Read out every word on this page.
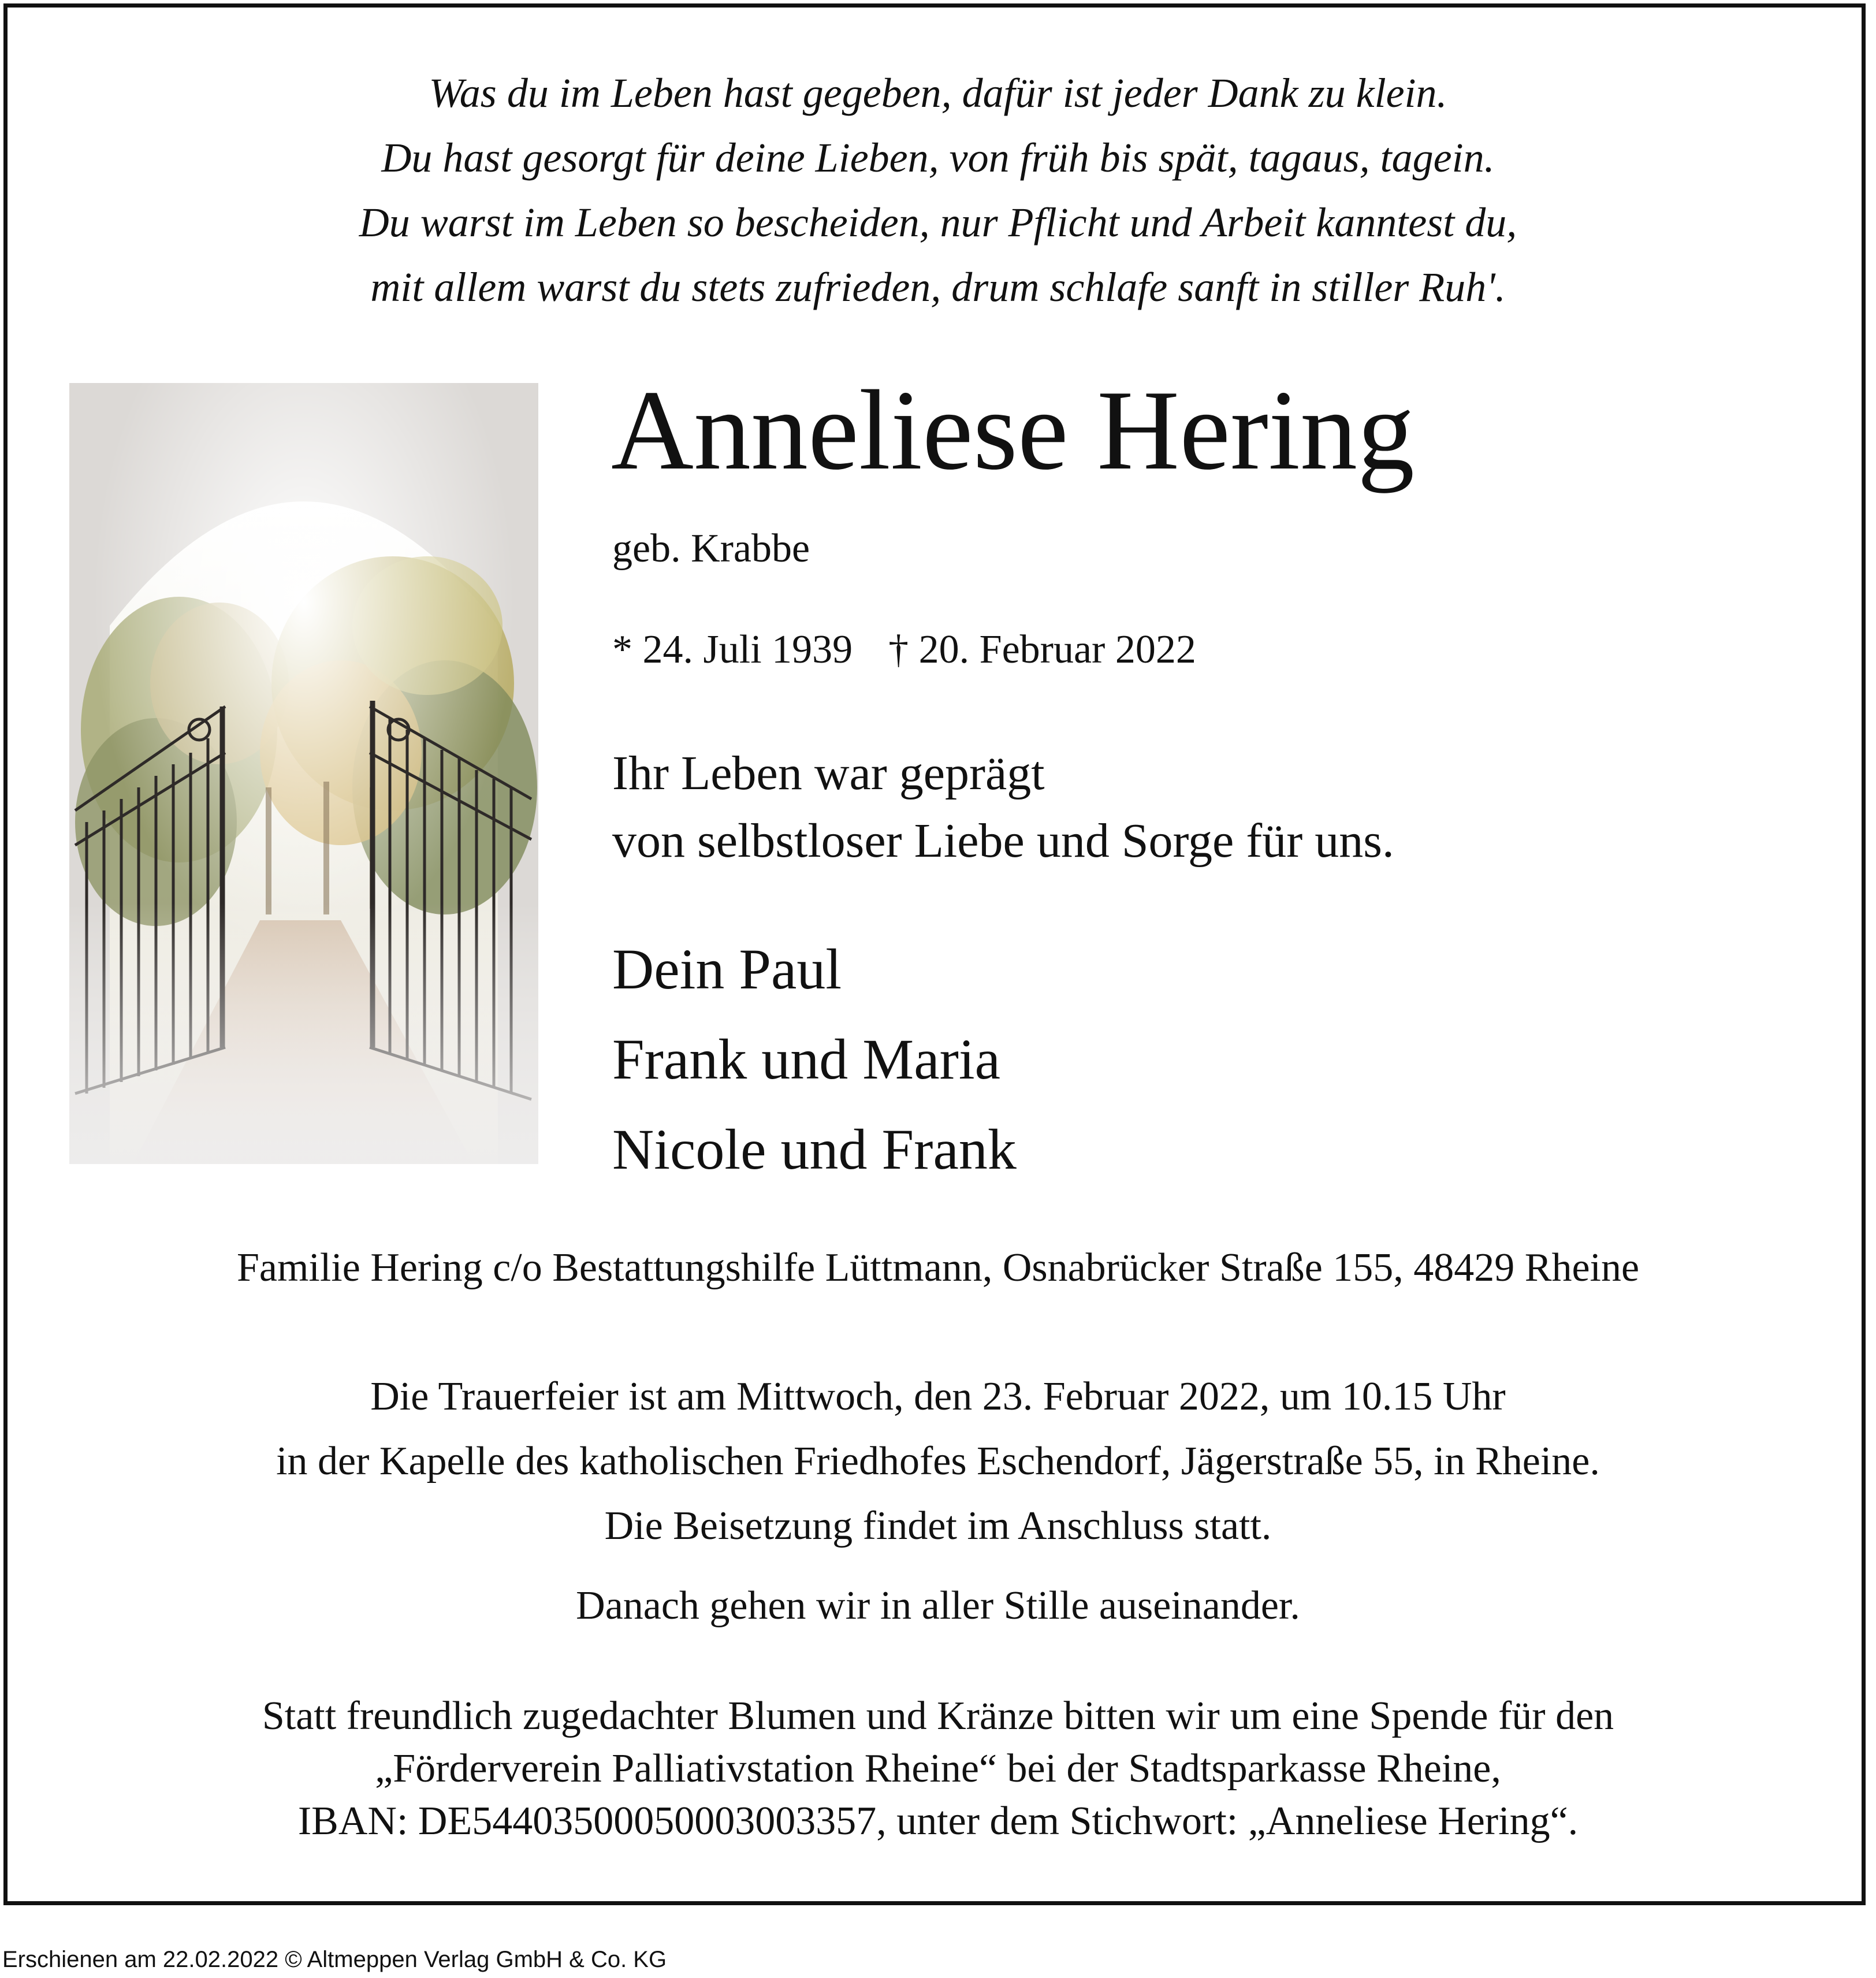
Was du im Leben hast gegeben, dafür ist jeder Dank zu klein.
Du hast gesorgt für deine Lieben, von früh bis spät, tagaus, tagein.
Du warst im Leben so bescheiden, nur Pflicht und Arbeit kanntest du,
mit allem warst du stets zufrieden, drum schlafe sanft in stiller Ruh'.
Anneliese Hering
geb. Krabbe
* 24. Juli 1939 † 20. Februar 2022
Ihr Leben war geprägt
von selbstloser Liebe und Sorge für uns.
Dein Paul
Frank und Maria
Nicole und Frank
Familie Hering c/o Bestattungshilfe Lüttmann, Osnabrücker Straße 155, 48429 Rheine
Die Trauerfeier ist am Mittwoch, den 23. Februar 2022, um 10.15 Uhr
in der Kapelle des katholischen Friedhofes Eschendorf, Jägerstraße 55, in Rheine.
Die Beisetzung findet im Anschluss statt.
Danach gehen wir in aller Stille auseinander.
Statt freundlich zugedachter Blumen und Kränze bitten wir um eine Spende für den
„Förderverein Palliativstation Rheine“ bei der Stadtsparkasse Rheine,
IBAN: DE54403500050003003357, unter dem Stichwort: „Anneliese Hering“.
Erschienen am 22.02.2022 © Altmeppen Verlag GmbH & Co. KG
